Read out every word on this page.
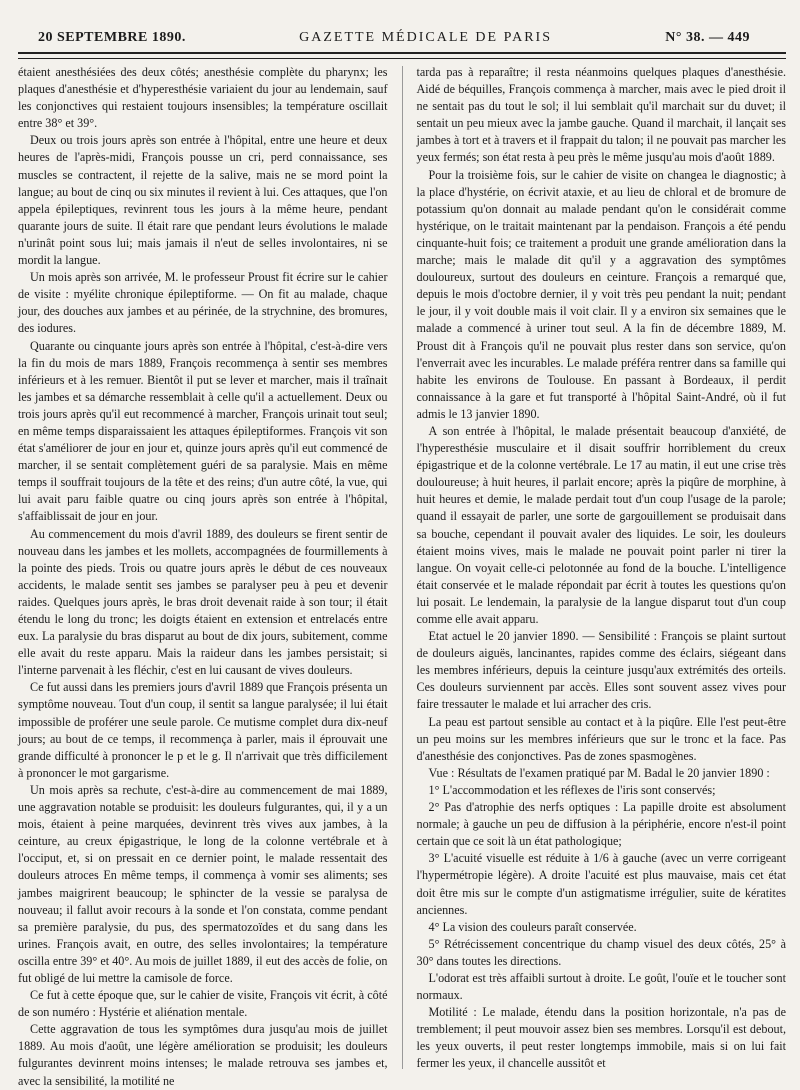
20 SEPTEMBRE 1890.	GAZETTE MÉDICALE DE PARIS	N° 38. — 449

étaient anesthésiées des deux côtés; anesthésie complète du pharynx; les plaques d'anesthésie et d'hyperesthésie variaient du jour au lendemain, sauf les conjonctives qui restaient toujours insensibles; la température oscillait entre 38° et 39°.

Deux ou trois jours après son entrée à l'hôpital, entre une heure et deux heures de l'après-midi, François pousse un cri, perd connaissance, ses muscles se contractent, il rejette de la salive, mais ne se mord point la langue; au bout de cinq ou six minutes il revient à lui. Ces attaques, que l'on appela épileptiques, revinrent tous les jours à la même heure, pendant quarante jours de suite. Il était rare que pendant leurs évolutions le malade n'urinât point sous lui; mais jamais il n'eut de selles involontaires, ni se mordit la langue.

Un mois après son arrivée, M. le professeur Proust fit écrire sur le cahier de visite : myélite chronique épileptiforme. — On fit au malade, chaque jour, des douches aux jambes et au périnée, de la strychnine, des bromures, des iodures.

Quarante ou cinquante jours après son entrée à l'hôpital, c'est-à-dire vers la fin du mois de mars 1889, François recommença à sentir ses membres inférieurs et à les remuer. Bientôt il put se lever et marcher, mais il traînait les jambes et sa démarche ressemblait à celle qu'il a actuellement. Deux ou trois jours après qu'il eut recommencé à marcher, François urinait tout seul; en même temps disparaissaient les attaques épileptiformes. François vit son état s'améliorer de jour en jour et, quinze jours après qu'il eut commencé de marcher, il se sentait complètement guéri de sa paralysie. Mais en même temps il souffrait toujours de la tête et des reins; d'un autre côté, la vue, qui lui avait paru faible quatre ou cinq jours après son entrée à l'hôpital, s'affaiblissait de jour en jour.

Au commencement du mois d'avril 1889, des douleurs se firent sentir de nouveau dans les jambes et les mollets, accompagnées de fourmillements à la pointe des pieds. Trois ou quatre jours après le début de ces nouveaux accidents, le malade sentit ses jambes se paralyser peu à peu et devenir raides. Quelques jours après, le bras droit devenait raide à son tour; il était étendu le long du tronc; les doigts étaient en extension et entrelacés entre eux. La paralysie du bras disparut au bout de dix jours, subitement, comme elle avait du reste apparu. Mais la raideur dans les jambes persistait; si l'interne parvenait à les fléchir, c'est en lui causant de vives douleurs.

Ce fut aussi dans les premiers jours d'avril 1889 que François présenta un symptôme nouveau. Tout d'un coup, il sentit sa langue paralysée; il lui était impossible de proférer une seule parole. Ce mutisme complet dura dix-neuf jours; au bout de ce temps, il recommença à parler, mais il éprouvait une grande difficulté à prononcer le p et le g. Il n'arrivait que très difficilement à prononcer le mot gargarisme.

Un mois après sa rechute, c'est-à-dire au commencement de mai 1889, une aggravation notable se produisit: les douleurs fulgurantes, qui, il y a un mois, étaient à peine marquées, devinrent très vives aux jambes, à la ceinture, au creux épigastrique, le long de la colonne vertébrale et à l'occiput, et, si on pressait en ce dernier point, le malade ressentait des douleurs atroces En même temps, il commença à vomir ses aliments; ses jambes maigrirent beaucoup; le sphincter de la vessie se paralysa de nouveau; il fallut avoir recours à la sonde et l'on constata, comme pendant sa première paralysie, du pus, des spermatozoïdes et du sang dans les urines. François avait, en outre, des selles involontaires; la température oscilla entre 39° et 40°. Au mois de juillet 1889, il eut des accès de folie, on fut obligé de lui mettre la camisole de force.

Ce fut à cette époque que, sur le cahier de visite, François vit écrit, à côté de son numéro : Hystérie et aliénation mentale.

Cette aggravation de tous les symptômes dura jusqu'au mois de juillet 1889. Au mois d'août, une légère amélioration se produisit; les douleurs fulgurantes devinrent moins intenses; le malade retrouva ses jambes et, avec la sensibilité, la motilité ne

tarda pas à reparaître; il resta néanmoins quelques plaques d'anesthésie. Aidé de béquilles, François commença à marcher, mais avec le pied droit il ne sentait pas du tout le sol; il lui semblait qu'il marchait sur du duvet; il sentait un peu mieux avec la jambe gauche. Quand il marchait, il lançait ses jambes à tort et à travers et il frappait du talon; il ne pouvait pas marcher les yeux fermés; son état resta à peu près le même jusqu'au mois d'août 1889.

Pour la troisième fois, sur le cahier de visite on changea le diagnostic; à la place d'hystérie, on écrivit ataxie, et au lieu de chloral et de bromure de potassium qu'on donnait au malade pendant qu'on le considérait comme hystérique, on le traitait maintenant par la pendaison. François a été pendu cinquante-huit fois; ce traitement a produit une grande amélioration dans la marche; mais le malade dit qu'il y a aggravation des symptômes douloureux, surtout des douleurs en ceinture. François a remarqué que, depuis le mois d'octobre dernier, il y voit très peu pendant la nuit; pendant le jour, il y voit double mais il voit clair. Il y a environ six semaines que le malade a commencé à uriner tout seul. A la fin de décembre 1889, M. Proust dit à François qu'il ne pouvait plus rester dans son service, qu'on l'enverrait avec les incurables. Le malade préféra rentrer dans sa famille qui habite les environs de Toulouse. En passant à Bordeaux, il perdit connaissance à la gare et fut transporté à l'hôpital Saint-André, où il fut admis le 13 janvier 1890.

A son entrée à l'hôpital, le malade présentait beaucoup d'anxiété, de l'hyperesthésie musculaire et il disait souffrir horriblement du creux épigastrique et de la colonne vertébrale. Le 17 au matin, il eut une crise très douloureuse; à huit heures, il parlait encore; après la piqûre de morphine, à huit heures et demie, le malade perdait tout d'un coup l'usage de la parole; quand il essayait de parler, une sorte de gargouillement se produisait dans sa bouche, cependant il pouvait avaler des liquides. Le soir, les douleurs étaient moins vives, mais le malade ne pouvait point parler ni tirer la langue. On voyait celle-ci pelotonnée au fond de la bouche. L'intelligence était conservée et le malade répondait par écrit à toutes les questions qu'on lui posait. Le lendemain, la paralysie de la langue disparut tout d'un coup comme elle avait apparu.

Etat actuel le 20 janvier 1890. — Sensibilité : François se plaint surtout de douleurs aiguës, lancinantes, rapides comme des éclairs, siégeant dans les membres inférieurs, depuis la ceinture jusqu'aux extrémités des orteils. Ces douleurs surviennent par accès. Elles sont souvent assez vives pour faire tressauter le malade et lui arracher des cris.

La peau est partout sensible au contact et à la piqûre. Elle l'est peut-être un peu moins sur les membres inférieurs que sur le tronc et la face. Pas d'anesthésie des conjonctives. Pas de zones spasmogènes.

Vue : Résultats de l'examen pratiqué par M. Badal le 20 janvier 1890 :

1° L'accommodation et les réflexes de l'iris sont conservés;

2° Pas d'atrophie des nerfs optiques : La papille droite est absolument normale; à gauche un peu de diffusion à la périphérie, encore n'est-il point certain que ce soit là un état pathologique;

3° L'acuité visuelle est réduite à 1/6 à gauche (avec un verre corrigeant l'hypermétropie légère). A droite l'acuité est plus mauvaise, mais cet état doit être mis sur le compte d'un astigmatisme irrégulier, suite de kératites anciennes.

4° La vision des couleurs paraît conservée.

5° Rétrécissement concentrique du champ visuel des deux côtés, 25° à 30° dans toutes les directions.

L'odorat est très affaibli surtout à droite. Le goût, l'ouïe et le toucher sont normaux.

Motilité : Le malade, étendu dans la position horizontale, n'a pas de tremblement; il peut mouvoir assez bien ses membres. Lorsqu'il est debout, les yeux ouverts, il peut rester longtemps immobile, mais si on lui fait fermer les yeux, il chancelle aussitôt et
